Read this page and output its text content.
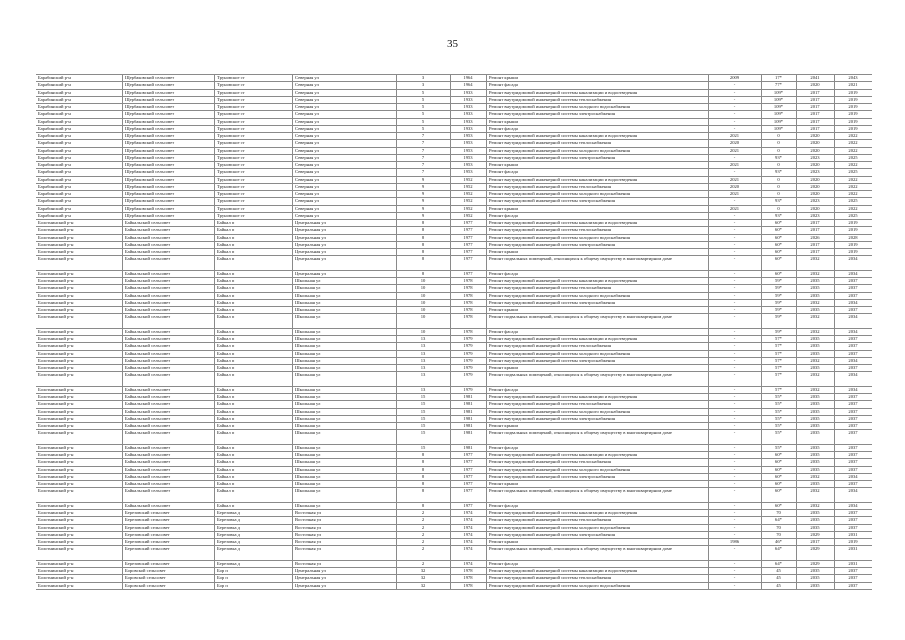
35
Барабинский р-н	Щербаковский сельсовет	Труновское ст	Северная ул	3	1964	Ремонт крыши	2009	17*	2041	2043
Барабинский р-н	Щербаковский сельсовет	Труновское ст	Северная ул	3	1964	Ремонт фасада	-	77*	2020	2021
Барабинский р-н	Щербаковский сельсовет	Труновское ст	Северная ул	5	1933	Ремонт внутридомовой инженерной системы канализации и водоотведения	-	109*	2017	2019
Барабинский р-н	Щербаковский сельсовет	Труновское ст	Северная ул	5	1933	Ремонт внутридомовой инженерной системы теплоснабжения	-	109*	2017	2019
Барабинский р-н	Щербаковский сельсовет	Труновское ст	Северная ул	5	1933	Ремонт внутридомовой инженерной системы холодного водоснабжения	-	109*	2017	2019
Барабинский р-н	Щербаковский сельсовет	Труновское ст	Северная ул	5	1933	Ремонт внутридомовой инженерной системы электроснабжения	-	109*	2017	2019
Барабинский р-н	Щербаковский сельсовет	Труновское ст	Северная ул	5	1933	Ремонт крыши	-	109*	2017	2019
Барабинский р-н	Щербаковский сельсовет	Труновское ст	Северная ул	5	1933	Ремонт фасада	-	109*	2017	2019
Барабинский р-н	Щербаковский сельсовет	Труновское ст	Северная ул	7	1953	Ремонт внутридомовой инженерной системы канализации и водоотведения	2021	0	2020	2022
Барабинский р-н	Щербаковский сельсовет	Труновское ст	Северная ул	7	1953	Ремонт внутридомовой инженерной системы теплоснабжения	2020	0	2020	2022
Барабинский р-н	Щербаковский сельсовет	Труновское ст	Северная ул	7	1953	Ремонт внутридомовой инженерной системы холодного водоснабжения	2021	0	2020	2022
Барабинский р-н	Щербаковский сельсовет	Труновское ст	Северная ул	7	1953	Ремонт внутридомовой инженерной системы электроснабжения	-	93*	2023	2025
Барабинский р-н	Щербаковский сельсовет	Труновское ст	Северная ул	7	1953	Ремонт крыши	2021	0	2020	2022
Барабинский р-н	Щербаковский сельсовет	Труновское ст	Северная ул	7	1953	Ремонт фасада	-	93*	2023	2025
Барабинский р-н	Щербаковский сельсовет	Труновское ст	Северная ул	9	1952	Ремонт внутридомовой инженерной системы канализации и водоотведения	2021	0	2020	2022
Барабинский р-н	Щербаковский сельсовет	Труновское ст	Северная ул	9	1952	Ремонт внутридомовой инженерной системы теплоснабжения	2020	0	2020	2022
Барабинский р-н	Щербаковский сельсовет	Труновское ст	Северная ул	9	1952	Ремонт внутридомовой инженерной системы холодного водоснабжения	2021	0	2020	2022
Барабинский р-н	Щербаковский сельсовет	Труновское ст	Северная ул	9	1952	Ремонт внутридомовой инженерной системы электроснабжения	-	93*	2023	2025
Барабинский р-н	Щербаковский сельсовет	Труновское ст	Северная ул	9	1952	Ремонт крыши	2021	0	2020	2022
Барабинский р-н	Щербаковский сельсовет	Труновское ст	Северная ул	9	1952	Ремонт фасада	-	93*	2023	2025
Болотнинский р-н	Байкальский сельсовет	Байкал п	Центральная ул	8	1977	Ремонт внутридомовой инженерной системы канализации и водоотведения	-	60*	2017	2019
Болотнинский р-н	Байкальский сельсовет	Байкал п	Центральная ул	8	1977	Ремонт внутридомовой инженерной системы теплоснабжения	-	60*	2017	2019
Болотнинский р-н	Байкальский сельсовет	Байкал п	Центральная ул	8	1977	Ремонт внутридомовой инженерной системы холодного водоснабжения	-	60*	2026	2028
Болотнинский р-н	Байкальский сельсовет	Байкал п	Центральная ул	8	1977	Ремонт внутридомовой инженерной системы электроснабжения	-	60*	2017	2019
Болотнинский р-н	Байкальский сельсовет	Байкал п	Центральная ул	8	1977	Ремонт крыши	-	60*	2017	2019
Болотнинский р-н	Байкальский сельсовет	Байкал п	Центральная ул	8	1977	Ремонт подвальных помещений, относящихся к общему имуществу в многоквартирном доме	-	60*	2032	2034
Болотнинский р-н	Байкальский сельсовет	Байкал п	Центральная ул	8	1977	Ремонт фасада	-	60*	2032	2034
Болотнинский р-н	Байкальский сельсовет	Байкал п	Школьная ул	10	1978	Ремонт внутридомовой инженерной системы канализации и водоотведения	-	59*	2035	2037
Болотнинский р-н	Байкальский сельсовет	Байкал п	Школьная ул	10	1978	Ремонт внутридомовой инженерной системы теплоснабжения	-	59*	2035	2037
Болотнинский р-н	Байкальский сельсовет	Байкал п	Школьная ул	10	1978	Ремонт внутридомовой инженерной системы холодного водоснабжения	-	59*	2035	2037
Болотнинский р-н	Байкальский сельсовет	Байкал п	Школьная ул	10	1978	Ремонт внутридомовой инженерной системы электроснабжения	-	59*	2032	2034
Болотнинский р-н	Байкальский сельсовет	Байкал п	Школьная ул	10	1978	Ремонт крыши	-	59*	2035	2037
Болотнинский р-н	Байкальский сельсовет	Байкал п	Школьная ул	10	1978	Ремонт подвальных помещений, относящихся к общему имуществу в многоквартирном доме	-	59*	2032	2034
Болотнинский р-н	Байкальский сельсовет	Байкал п	Школьная ул	10	1978	Ремонт фасада	-	59*	2032	2034
Болотнинский р-н	Байкальский сельсовет	Байкал п	Школьная ул	13	1979	Ремонт внутридомовой инженерной системы канализации и водоотведения	-	57*	2035	2037
Болотнинский р-н	Байкальский сельсовет	Байкал п	Школьная ул	13	1979	Ремонт внутридомовой инженерной системы теплоснабжения	-	57*	2035	2037
Болотнинский р-н	Байкальский сельсовет	Байкал п	Школьная ул	13	1979	Ремонт внутридомовой инженерной системы холодного водоснабжения	-	57*	2035	2037
Болотнинский р-н	Байкальский сельсовет	Байкал п	Школьная ул	13	1979	Ремонт внутридомовой инженерной системы электроснабжения	-	57*	2032	2034
Болотнинский р-н	Байкальский сельсовет	Байкал п	Школьная ул	13	1979	Ремонт крыши	-	57*	2035	2037
Болотнинский р-н	Байкальский сельсовет	Байкал п	Школьная ул	13	1979	Ремонт подвальных помещений, относящихся к общему имуществу в многоквартирном доме	-	57*	2032	2034
Болотнинский р-н	Байкальский сельсовет	Байкал п	Школьная ул	13	1979	Ремонт фасада	-	57*	2032	2034
Болотнинский р-н	Байкальский сельсовет	Байкал п	Школьная ул	15	1981	Ремонт внутридомовой инженерной системы канализации и водоотведения	-	55*	2035	2037
Болотнинский р-н	Байкальский сельсовет	Байкал п	Школьная ул	15	1981	Ремонт внутридомовой инженерной системы теплоснабжения	-	55*	2035	2037
Болотнинский р-н	Байкальский сельсовет	Байкал п	Школьная ул	15	1981	Ремонт внутридомовой инженерной системы холодного водоснабжения	-	55*	2035	2037
Болотнинский р-н	Байкальский сельсовет	Байкал п	Школьная ул	15	1981	Ремонт внутридомовой инженерной системы электроснабжения	-	55*	2035	2037
Болотнинский р-н	Байкальский сельсовет	Байкал п	Школьная ул	15	1981	Ремонт крыши	-	55*	2035	2037
Болотнинский р-н	Байкальский сельсовет	Байкал п	Школьная ул	15	1981	Ремонт подвальных помещений, относящихся к общему имуществу в многоквартирном доме	-	55*	2035	2037
Болотнинский р-н	Байкальский сельсовет	Байкал п	Школьная ул	15	1981	Ремонт фасада	-	55*	2035	2037
Болотнинский р-н	Байкальский сельсовет	Байкал п	Школьная ул	8	1977	Ремонт внутридомовой инженерной системы канализации и водоотведения	-	60*	2035	2037
Болотнинский р-н	Байкальский сельсовет	Байкал п	Школьная ул	8	1977	Ремонт внутридомовой инженерной системы теплоснабжения	-	60*	2035	2037
Болотнинский р-н	Байкальский сельсовет	Байкал п	Школьная ул	8	1977	Ремонт внутридомовой инженерной системы холодного водоснабжения	-	60*	2035	2037
Болотнинский р-н	Байкальский сельсовет	Байкал п	Школьная ул	8	1977	Ремонт внутридомовой инженерной системы электроснабжения	-	60*	2032	2034
Болотнинский р-н	Байкальский сельсовет	Байкал п	Школьная ул	8	1977	Ремонт крыши	-	60*	2035	2037
Болотнинский р-н	Байкальский сельсовет	Байкал п	Школьная ул	8	1977	Ремонт подвальных помещений, относящихся к общему имуществу в многоквартирном доме	-	60*	2032	2034
Болотнинский р-н	Байкальский сельсовет	Байкал п	Школьная ул	8	1977	Ремонт фасада	-	60*	2032	2034
Болотнинский р-н	Березовский сельсовет	Березовка д	Восточная ул	2	1974	Ремонт внутридомовой инженерной системы канализации и водоотведения	-	70	2035	2037
Болотнинский р-н	Березовский сельсовет	Березовка д	Восточная ул	2	1974	Ремонт внутридомовой инженерной системы теплоснабжения	-	64*	2035	2037
Болотнинский р-н	Березовский сельсовет	Березовка д	Восточная ул	2	1974	Ремонт внутридомовой инженерной системы холодного водоснабжения	-	70	2035	2037
Болотнинский р-н	Березовский сельсовет	Березовка д	Восточная ул	2	1974	Ремонт внутридомовой инженерной системы электроснабжения	-	70	2029	2031
Болотнинский р-н	Березовский сельсовет	Березовка д	Восточная ул	2	1974	Ремонт крыши	1986	46*	2017	2019
Болотнинский р-н	Березовский сельсовет	Березовка д	Восточная ул	2	1974	Ремонт подвальных помещений, относящихся к общему имуществу в многоквартирном доме	-	64*	2029	2031
Болотнинский р-н	Березовский сельсовет	Березовка д	Восточная ул	2	1974	Ремонт фасада	-	64*	2029	2031
Болотнинский р-н	Боровской сельсовет	Бор п	Центральная ул	32	1978	Ремонт внутридомовой инженерной системы канализации и водоотведения	-	45	2035	2037
Болотнинский р-н	Боровской сельсовет	Бор п	Центральная ул	32	1978	Ремонт внутридомовой инженерной системы теплоснабжения	-	45	2035	2037
Болотнинский р-н	Боровской сельсовет	Бор п	Центральная ул	32	1978	Ремонт внутридомовой инженерной системы холодного водоснабжения	-	45	2035	2037
